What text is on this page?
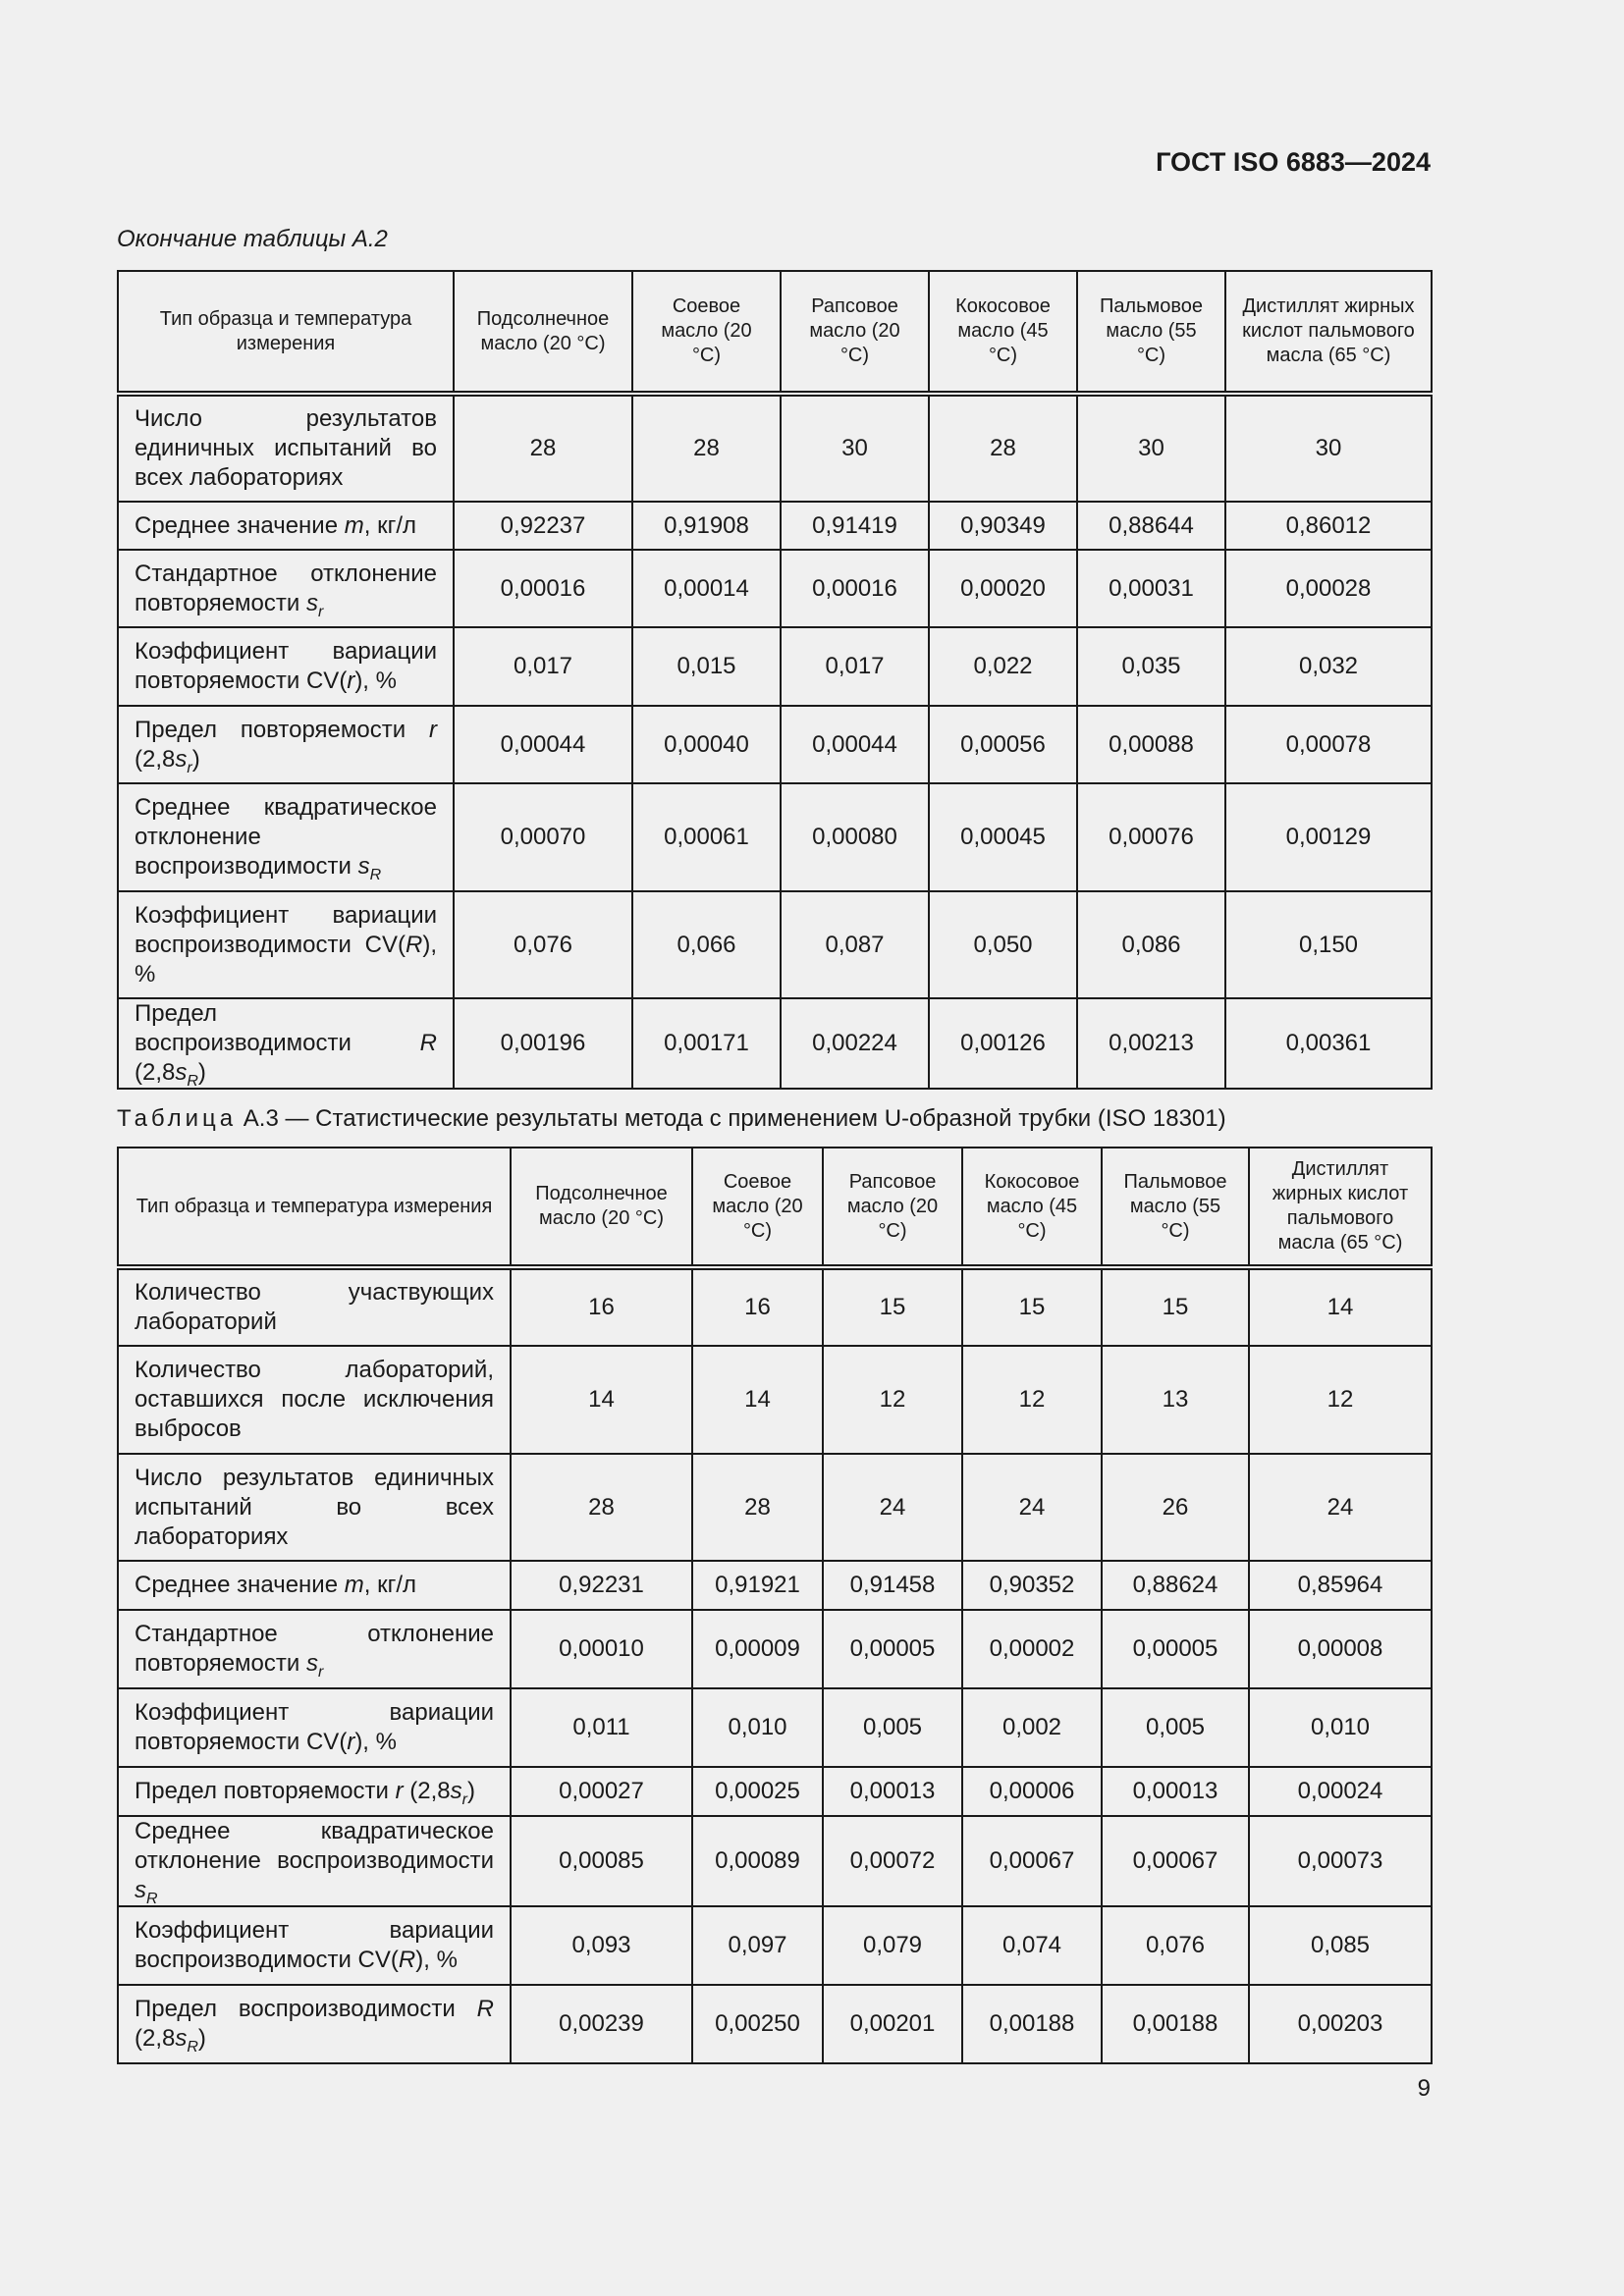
ГОСТ ISO 6883—2024
Окончание таблицы А.2
Тип образца и температура измерения	Подсолнечное масло (20 °С)	Соевое масло (20 °С)	Рапсовое масло (20 °С)	Кокосовое масло (45 °С)	Пальмовое масло (55 °С)	Дистиллят жирных кислот пальмового масла (65 °С)
Число результатов единичных испытаний во всех лабораториях	28	28	30	28	30	30
Среднее значение m, кг/л	0,92237	0,91908	0,91419	0,90349	0,88644	0,86012
Стандартное отклонение повторяемости $s_r$	0,00016	0,00014	0,00016	0,00020	0,00031	0,00028
Коэффициент вариации повторяемости CV(r), %	0,017	0,015	0,017	0,022	0,035	0,032
Предел повторяемости r $(2,8s_r)$	0,00044	0,00040	0,00044	0,00056	0,00088	0,00078
Среднее квадратическое отклонение воспроизводимости $s_R$	0,00070	0,00061	0,00080	0,00045	0,00076	0,00129
Коэффициент вариации воспроизводимости CV(R), %	0,076	0,066	0,087	0,050	0,086	0,150
Предел воспроизводимости R $(2,8s_R)$	0,00196	0,00171	0,00224	0,00126	0,00213	0,00361
Таблица А.3 — Статистические результаты метода с применением U-образной трубки (ISO 18301)
Тип образца и температура измерения	Подсолнечное масло (20 °С)	Соевое масло (20 °С)	Рапсовое масло (20 °С)	Кокосовое масло (45 °С)	Пальмовое масло (55 °С)	Дистиллят жирных кислот пальмового масла (65 °С)
Количество участвующих лабораторий	16	16	15	15	15	14
Количество лабораторий, оставшихся после исключения выбросов	14	14	12	12	13	12
Число результатов единичных испытаний во всех лабораториях	28	28	24	24	26	24
Среднее значение m, кг/л	0,92231	0,91921	0,91458	0,90352	0,88624	0,85964
Стандартное отклонение повторяемости $s_r$	0,00010	0,00009	0,00005	0,00002	0,00005	0,00008
Коэффициент вариации повторяемости CV(r), %	0,011	0,010	0,005	0,002	0,005	0,010
Предел повторяемости r $(2,8s_r)$	0,00027	0,00025	0,00013	0,00006	0,00013	0,00024
Среднее квадратическое отклонение воспроизводимости $s_R$	0,00085	0,00089	0,00072	0,00067	0,00067	0,00073
Коэффициент вариации воспроизводимости CV(R), %	0,093	0,097	0,079	0,074	0,076	0,085
Предел воспроизводимости R $(2,8s_R)$	0,00239	0,00250	0,00201	0,00188	0,00188	0,00203
9
